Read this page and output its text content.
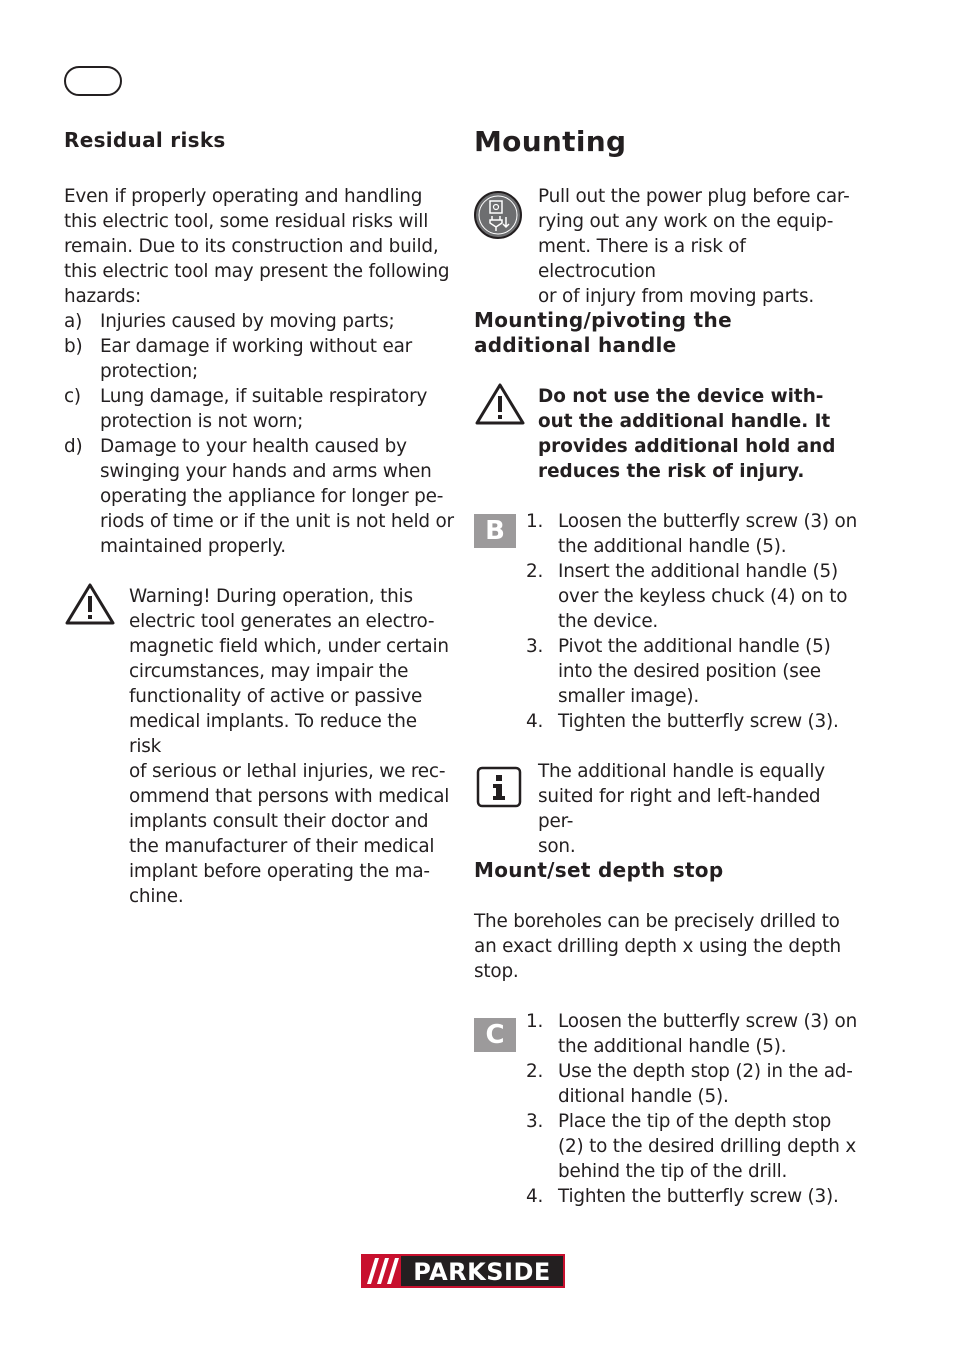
Residual risks
Even if properly operating and handling
this electric tool, some residual risks will
remain. Due to its construction and build,
this electric tool may present the following
hazards:
a) Injuries caused by moving parts;
b) Ear damage if working without ear
protection;
c) Lung damage, if suitable respiratory
protection is not worn;
d) Damage to your health caused by
swinging your hands and arms when
operating the appliance for longer pe-
riods of time or if the unit is not held or
maintained properly.
Warning! During operation, this
electric tool generates an electro-
magnetic field which, under certain
circumstances, may impair the
functionality of active or passive
medical implants. To reduce the risk
of serious or lethal injuries, we rec-
ommend that persons with medical
implants consult their doctor and
the manufacturer of their medical
implant before operating the ma-
chine.
Mounting
Pull out the power plug before car-
rying out any work on the equip-
ment. There is a risk of electrocution
or of injury from moving parts.
Mounting/pivoting the
additional handle
Do not use the device with-
out the additional handle. It
provides additional hold and
reduces the risk of injury.
B	1. Loosen the butterfly screw (3) on
the additional handle (5).
2. Insert the additional handle (5)
over the keyless chuck (4) on to
the device.
3. Pivot the additional handle (5)
into the desired position (see
smaller image).
4. Tighten the butterfly screw (3).
The additional handle is equally
suited for right and left-handed per-
son.
Mount/set depth stop
The boreholes can be precisely drilled to
an exact drilling depth x using the depth
stop.
C	1. Loosen the butterfly screw (3) on
the additional handle (5).
2. Use the depth stop (2) in the ad-
ditional handle (5).
3. Place the tip of the depth stop
(2) to the desired drilling depth x
behind the tip of the drill.
4. Tighten the butterfly screw (3).
PARKSIDE
